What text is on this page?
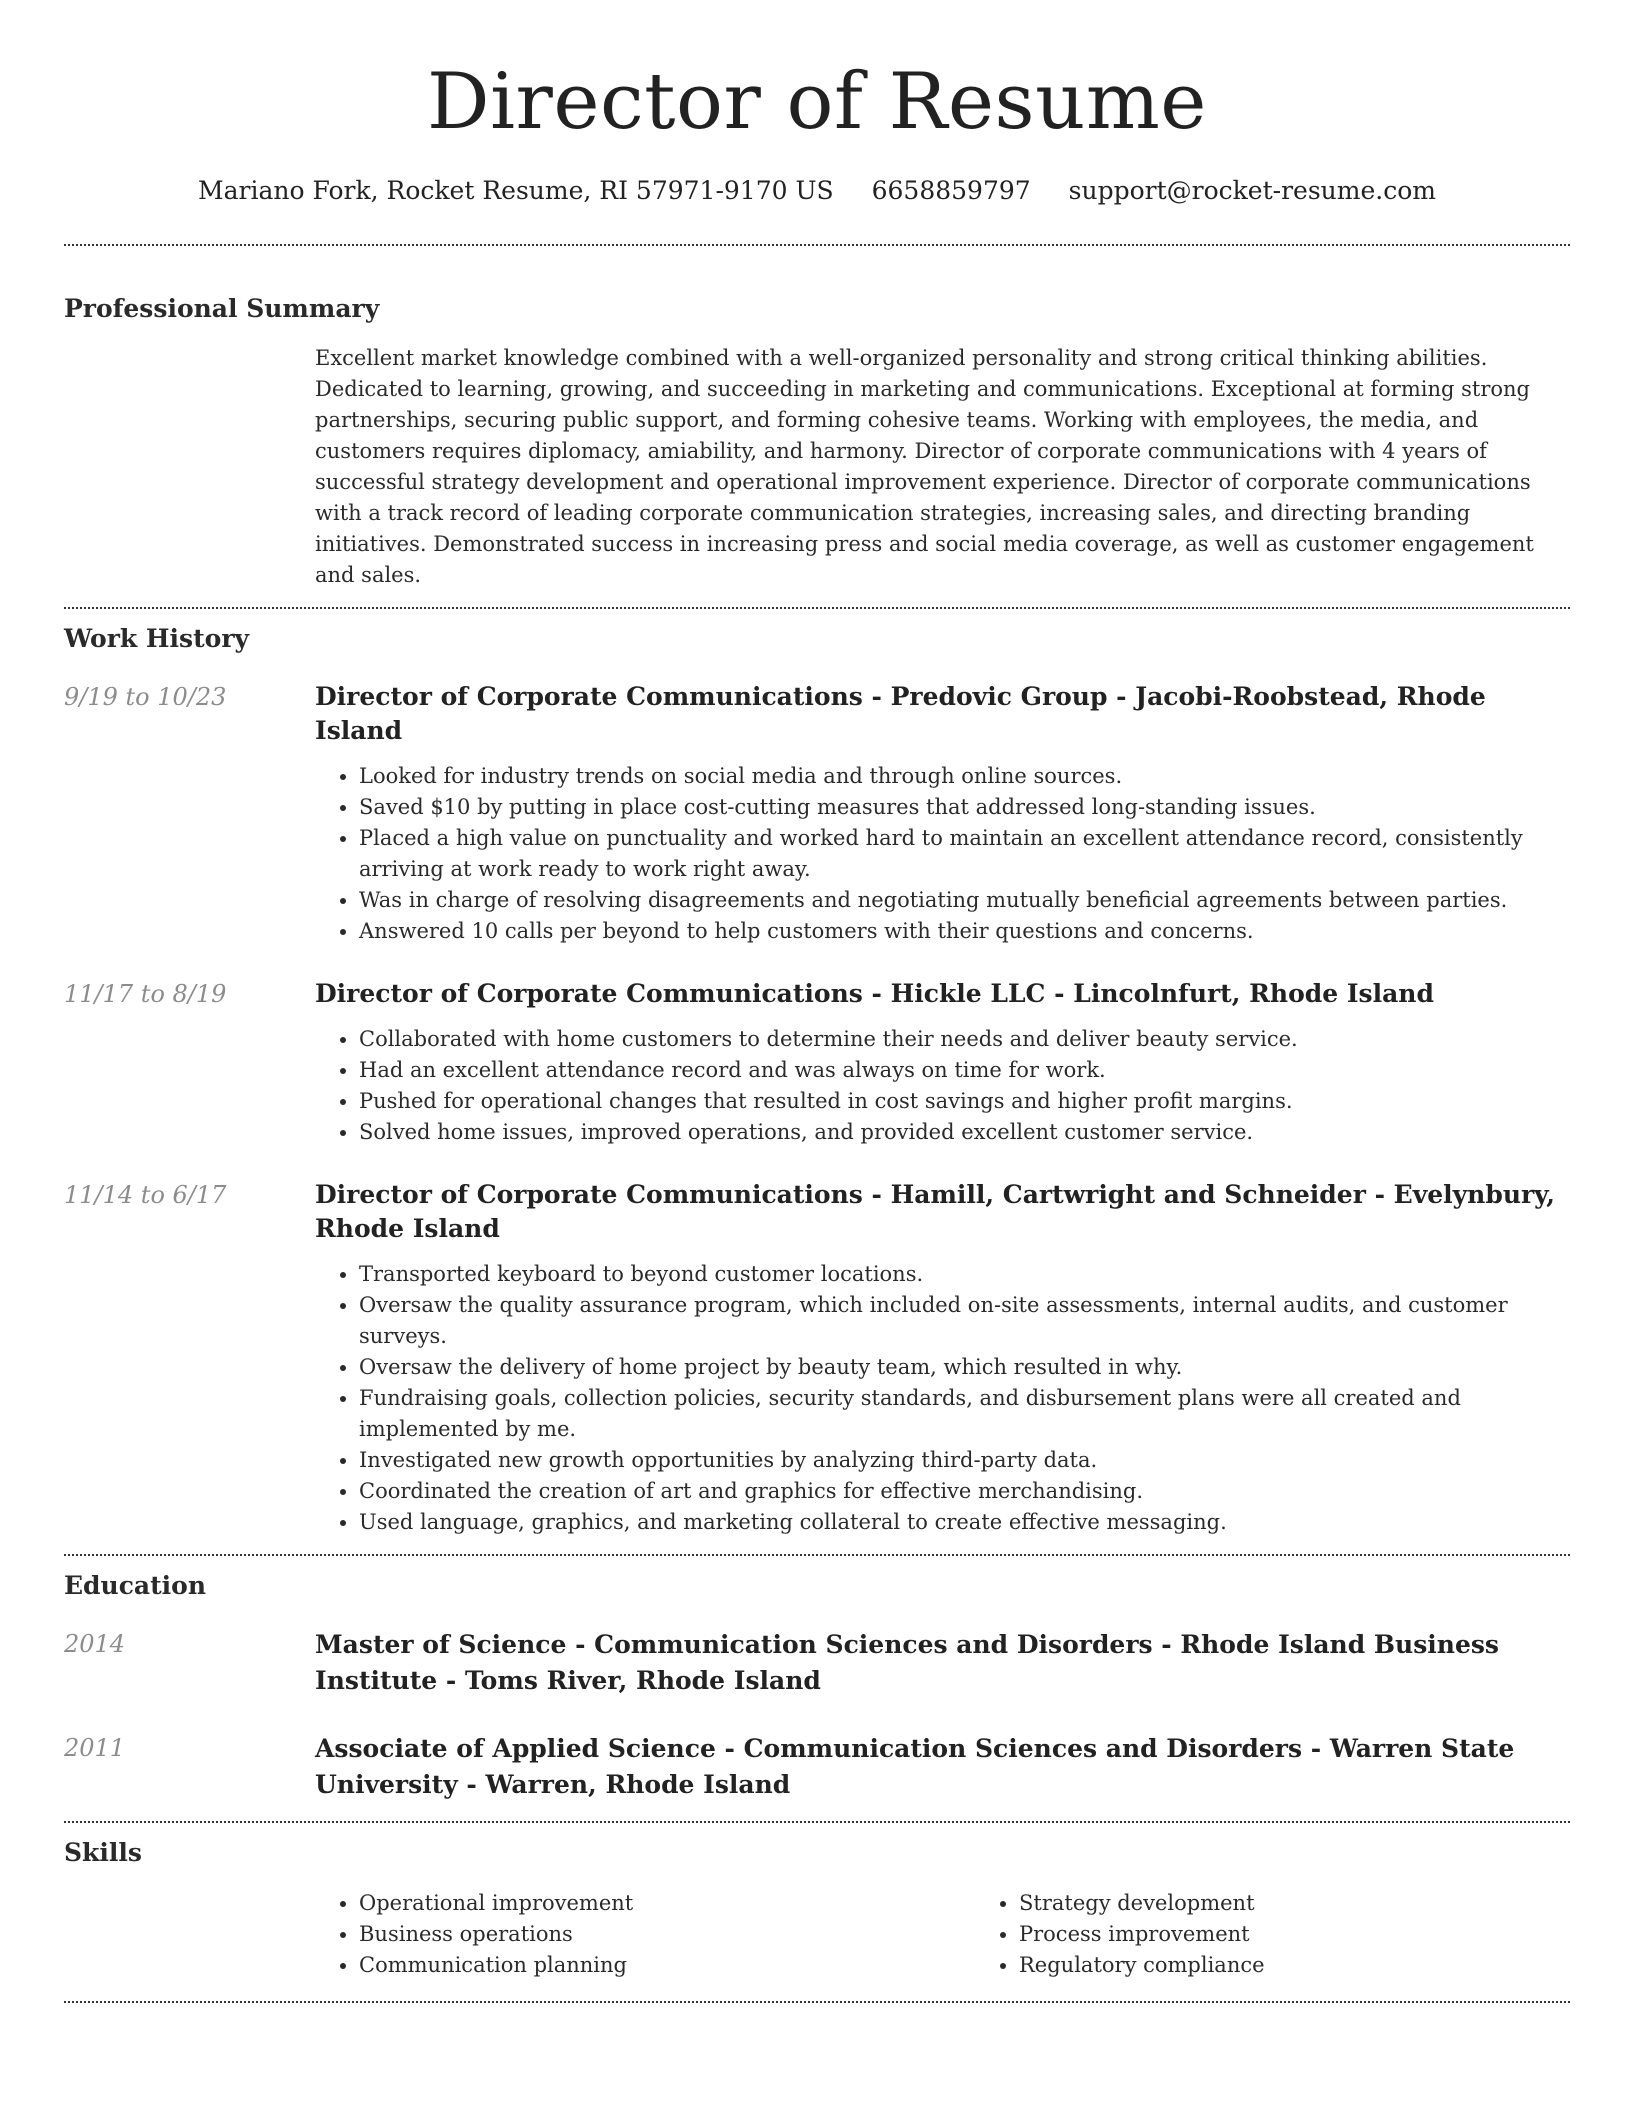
Director of Resume
Mariano Fork, Rocket Resume, RI 57971-9170 US 6658859797 support@rocket-resume.com
Professional Summary

Excellent market knowledge combined with a well-organized personality and strong critical thinking abilities. Dedicated to learning, growing, and succeeding in marketing and communications. Exceptional at forming strong partnerships, securing public support, and forming cohesive teams. Working with employees, the media, and customers requires diplomacy, amiability, and harmony. Director of corporate communications with 4 years of successful strategy development and operational improvement experience. Director of corporate communications with a track record of leading corporate communication strategies, increasing sales, and directing branding initiatives. Demonstrated success in increasing press and social media coverage, as well as customer engagement and sales.

Work History
9/19 to 10/23	Director of Corporate Communications - Predovic Group - Jacobi-Roobstead, Rhode Island
• Looked for industry trends on social media and through online sources.
• Saved $10 by putting in place cost-cutting measures that addressed long-standing issues.
• Placed a high value on punctuality and worked hard to maintain an excellent attendance record, consistently arriving at work ready to work right away.
• Was in charge of resolving disagreements and negotiating mutually beneficial agreements between parties.
• Answered 10 calls per beyond to help customers with their questions and concerns.
11/17 to 8/19	Director of Corporate Communications - Hickle LLC - Lincolnfurt, Rhode Island
• Collaborated with home customers to determine their needs and deliver beauty service.
• Had an excellent attendance record and was always on time for work.
• Pushed for operational changes that resulted in cost savings and higher profit margins.
• Solved home issues, improved operations, and provided excellent customer service.
11/14 to 6/17	Director of Corporate Communications - Hamill, Cartwright and Schneider - Evelynbury, Rhode Island
• Transported keyboard to beyond customer locations.
• Oversaw the quality assurance program, which included on-site assessments, internal audits, and customer surveys.
• Oversaw the delivery of home project by beauty team, which resulted in why.
• Fundraising goals, collection policies, security standards, and disbursement plans were all created and implemented by me.
• Investigated new growth opportunities by analyzing third-party data.
• Coordinated the creation of art and graphics for effective merchandising.
• Used language, graphics, and marketing collateral to create effective messaging.
Education
2014	Master of Science - Communication Sciences and Disorders - Rhode Island Business Institute - Toms River, Rhode Island
2011	Associate of Applied Science - Communication Sciences and Disorders - Warren State University - Warren, Rhode Island
Skills
• Operational improvement
• Business operations
• Communication planning
• Strategy development
• Process improvement
• Regulatory compliance
